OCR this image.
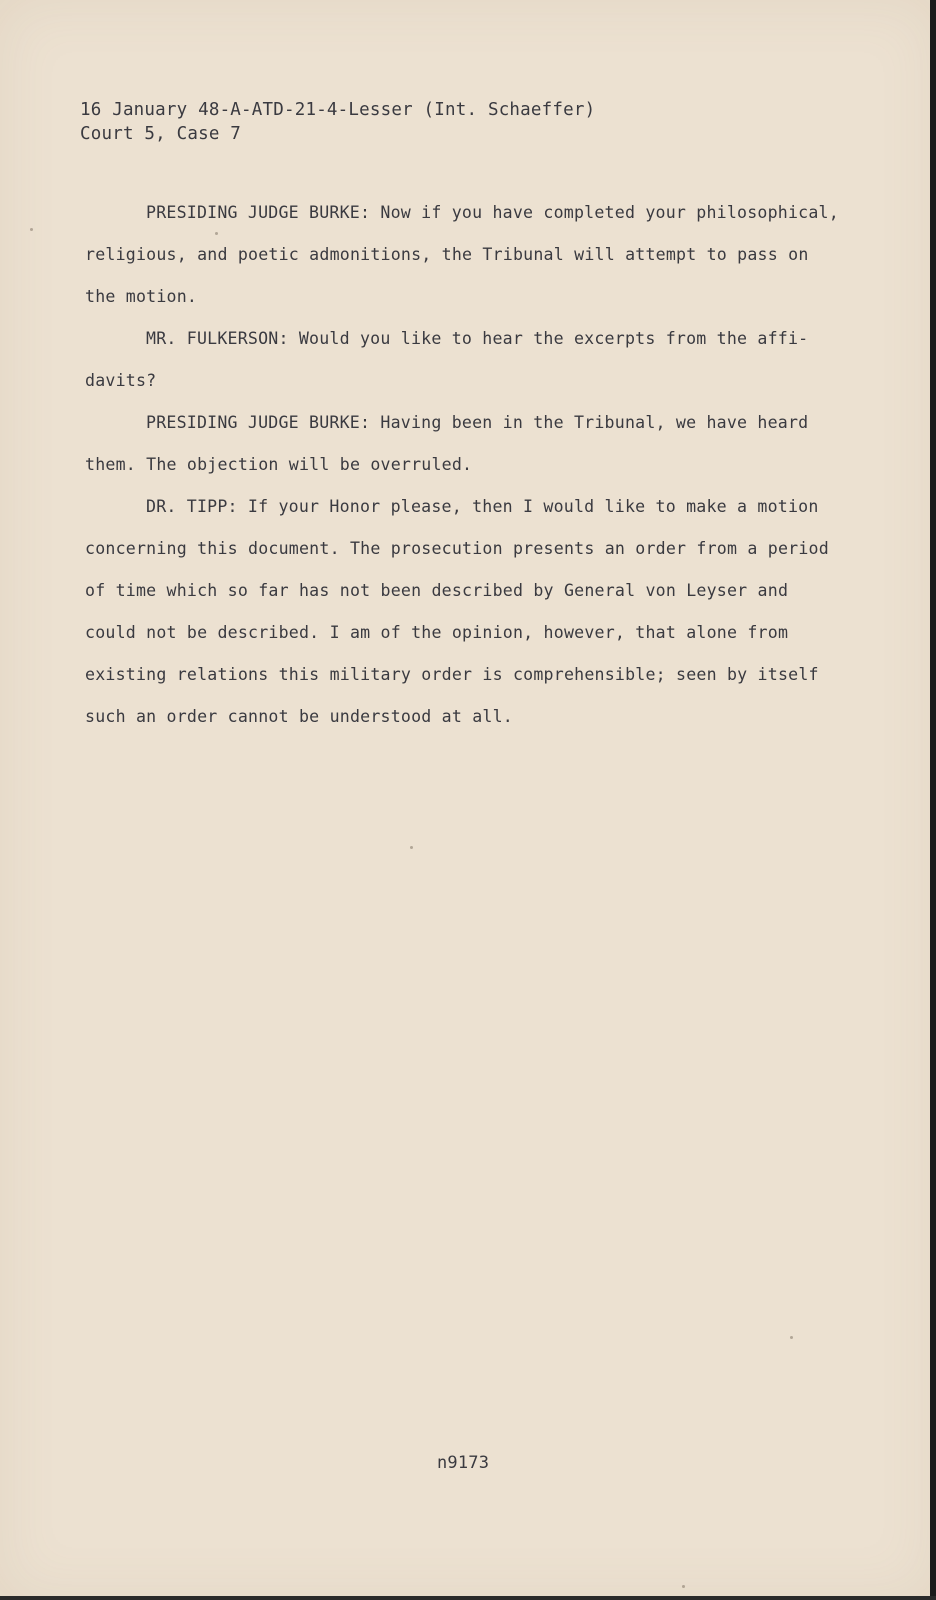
16 January 48-A-ATD-21-4-Lesser (Int. Schaeffer)
Court 5, Case 7
PRESIDING JUDGE BURKE: Now if you have completed your philosophical,
religious, and poetic admonitions, the Tribunal will attempt to pass on
the motion.
MR. FULKERSON: Would you like to hear the excerpts from the affi-
davits?
PRESIDING JUDGE BURKE: Having been in the Tribunal, we have heard
them. The objection will be overruled.
DR. TIPP: If your Honor please, then I would like to make a motion
concerning this document. The prosecution presents an order from a period
of time which so far has not been described by General von Leyser and
could not be described. I am of the opinion, however, that alone from
existing relations this military order is comprehensible; seen by itself
such an order cannot be understood at all.
n9173
